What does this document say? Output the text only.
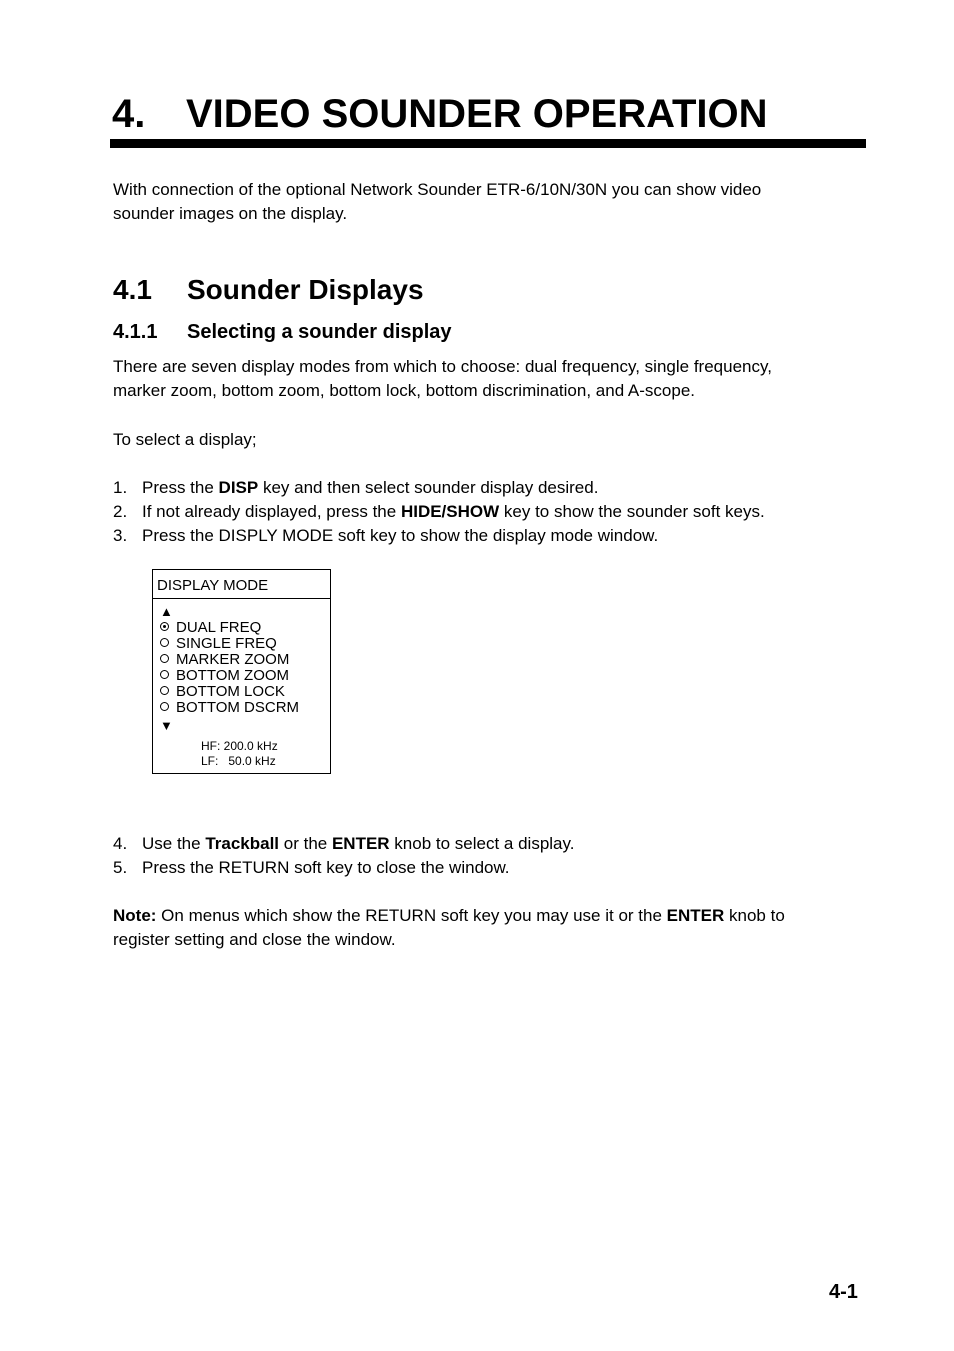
4. VIDEO SOUNDER OPERATION

With connection of the optional Network Sounder ETR-6/10N/30N you can show video
sounder images on the display.

4.1 Sounder Displays
4.1.1 Selecting a sounder display

There are seven display modes from which to choose: dual frequency, single frequency,
marker zoom, bottom zoom, bottom lock, bottom discrimination, and A-scope.

To select a display;

1. Press the DISP key and then select sounder display desired.
2. If not already displayed, press the HIDE/SHOW key to show the sounder soft keys.
3. Press the DISPLY MODE soft key to show the display mode window.
DISPLAY MODE
▲
DUAL FREQ
SINGLE FREQ
MARKER ZOOM
BOTTOM ZOOM
BOTTOM LOCK
BOTTOM DSCRM
▼
HF: 200.0 kHz
LF:   50.0 kHz
4. Use the Trackball or the ENTER knob to select a display.
5. Press the RETURN soft key to close the window.

Note: On menus which show the RETURN soft key you may use it or the ENTER knob to
register setting and close the window.

4-1
